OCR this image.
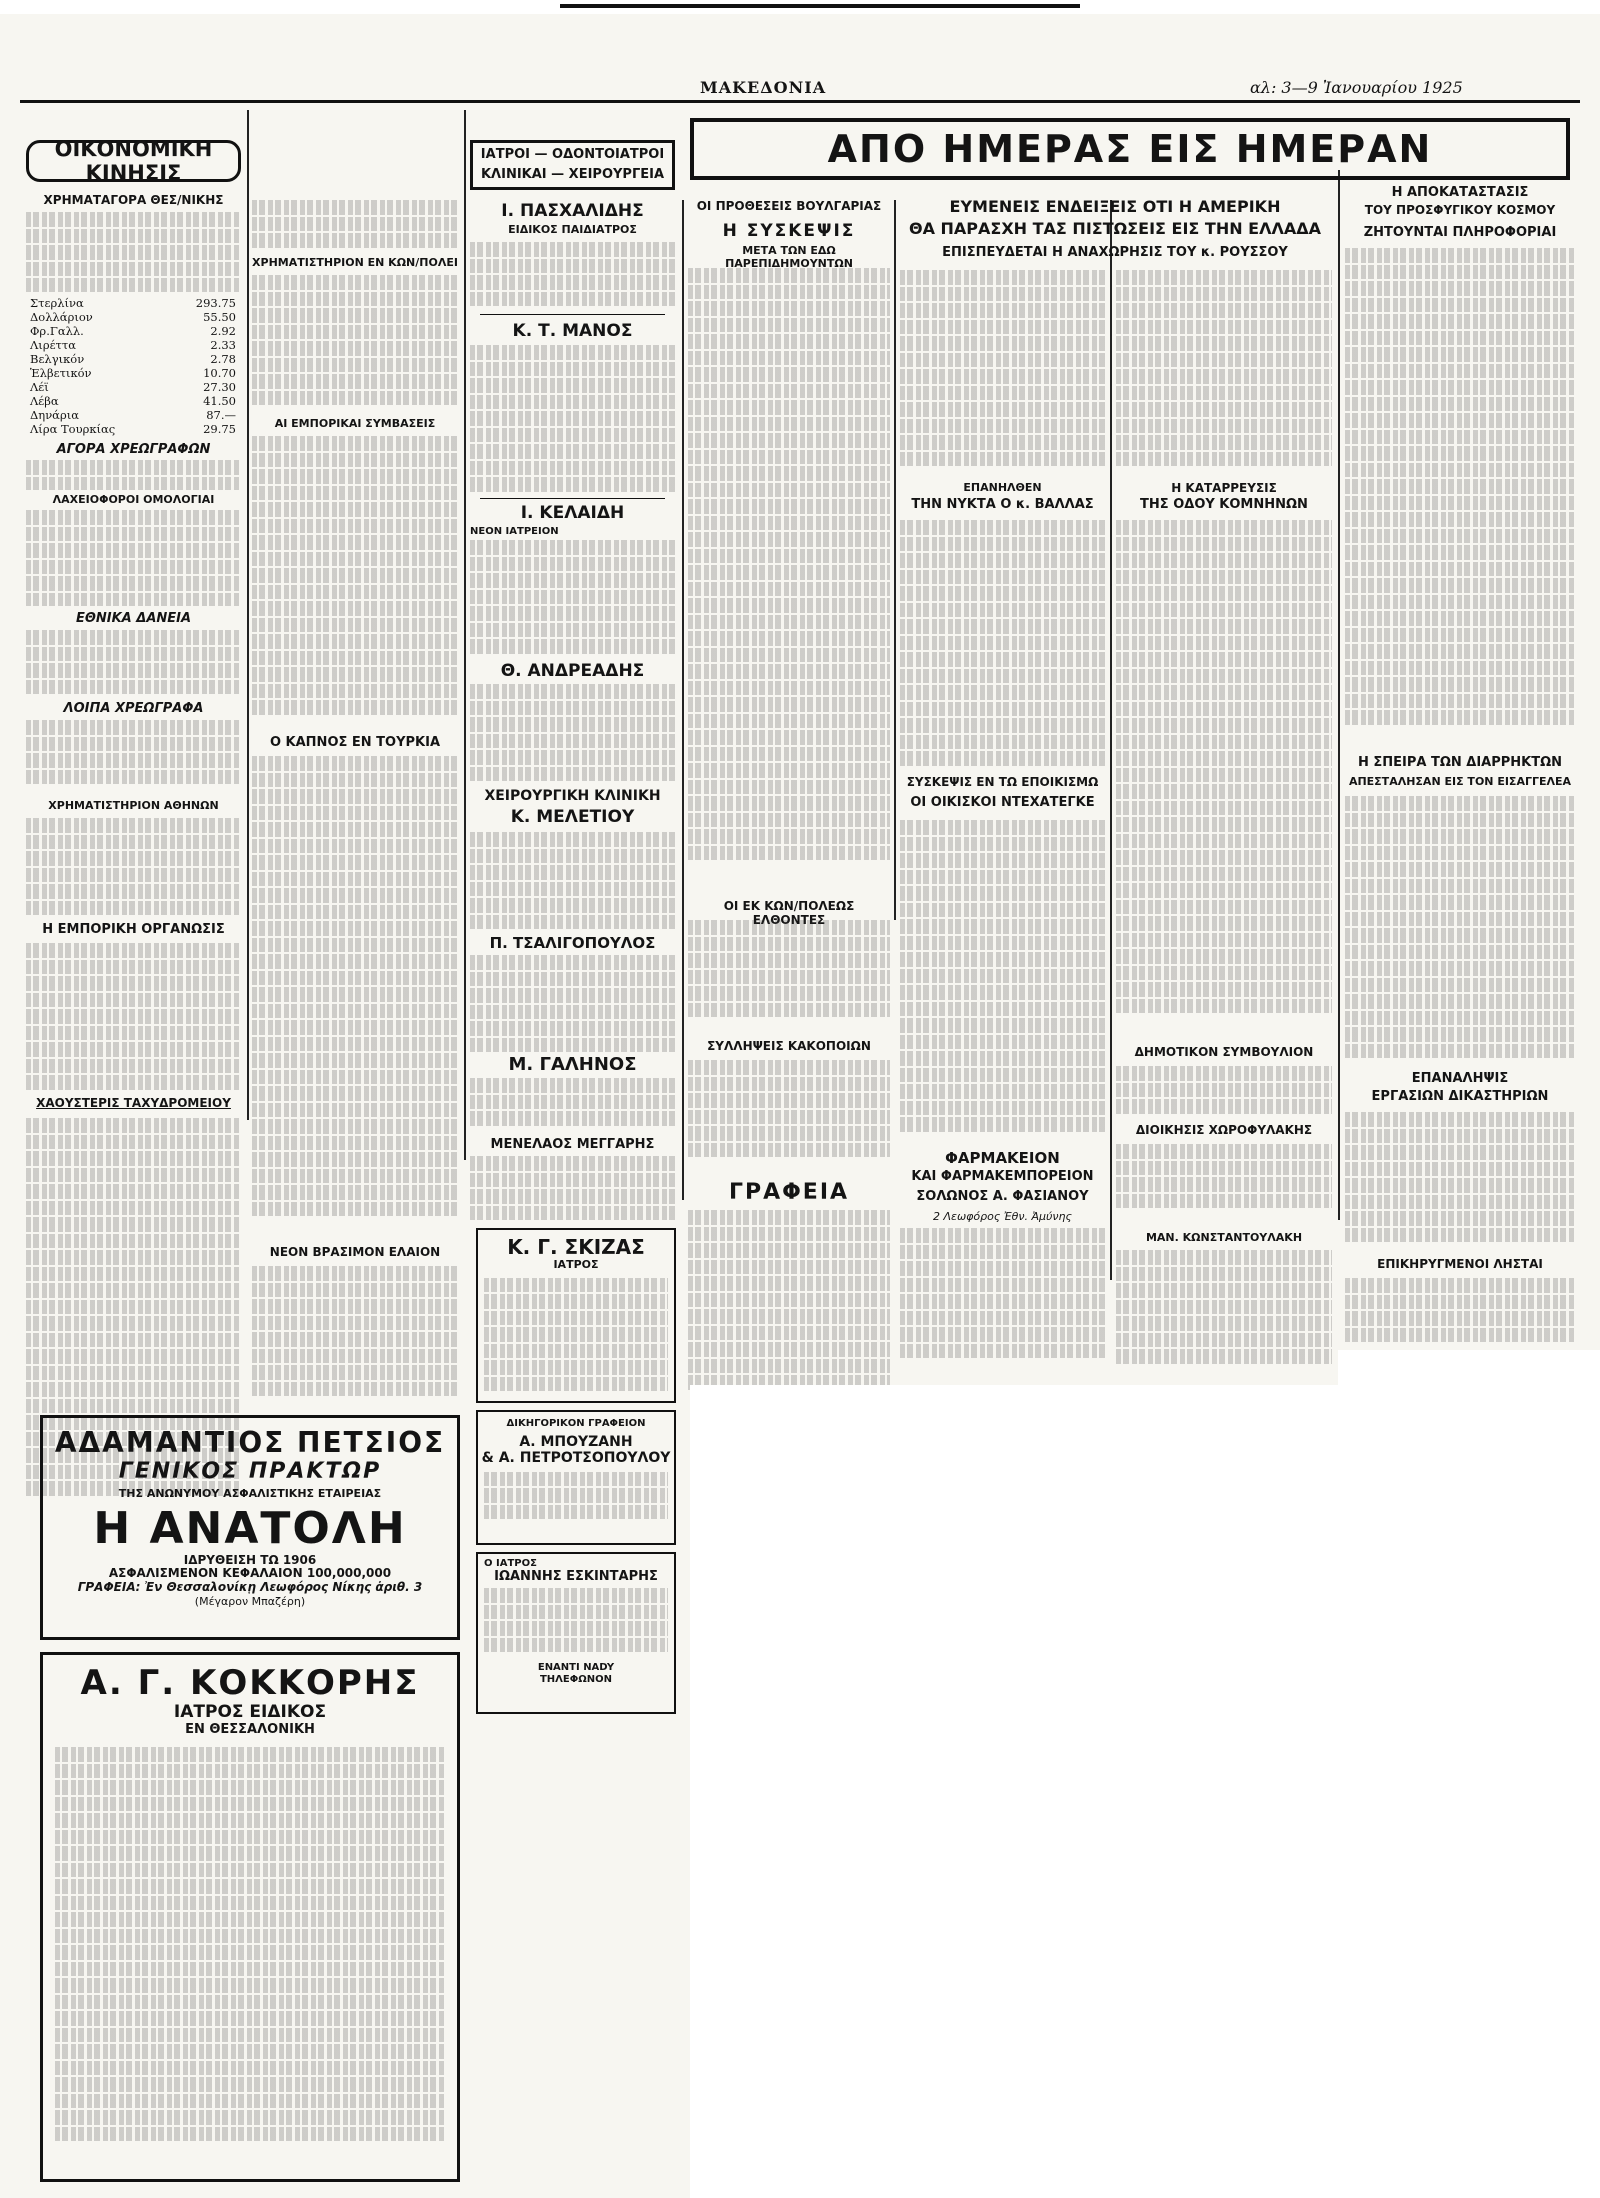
ΜΑΚΕΔΟΝΙΑ	αλ: 3—9 Ἰανουαρίου 1925
ΟΙΚΟΝΟΜΙΚΗ ΚΙΝΗΣΙΣ
ΧΡΗΜΑΤΑΓΟΡΑ ΘΕΣ/ΝΙΚΗΣ
Στερλίνα	293.75
Δολλάριον	55.50
Φρ.Γαλλ.	2.92
Λιρέττα	2.33
Βελγικόν	2.78
Ἑλβετικόν	10.70
Λέϊ	27.30
Λέβα	41.50
Δηνάρια	87.—
Λίρα Τουρκίας	29.75
ΑΓΟΡΑ ΧΡΕΩΓΡΑΦΩΝ
ΛΑΧΕΙΟΦΟΡΟΙ ΟΜΟΛΟΓΙΑΙ
ΕΘΝΙΚΑ ΔΑΝΕΙΑ
ΛΟΙΠΑ ΧΡΕΩΓΡΑΦΑ
ΧΡΗΜΑΤΙΣΤΗΡΙΟΝ ΑΘΗΝΩΝ
Η ΕΜΠΟΡΙΚΗ ΟΡΓΑΝΩΣΙΣ
ΧΑΟΥΣΤΕΡΙΣ ΤΑΧΥΔΡΟΜΕΙΟΥ
ΧΡΗΜΑΤΙΣΤΗΡΙΟΝ ΕΝ ΚΩΝ/ΠΟΛΕΙ
ΑΙ ΕΜΠΟΡΙΚΑΙ ΣΥΜΒΑΣΕΙΣ
Ο ΚΑΠΝΟΣ ΕΝ ΤΟΥΡΚΙΑ
ΝΕΟΝ ΒΡΑΣΙΜΟΝ ΕΛΑΙΟΝ
ΙΑΤΡΟΙ — ΟΔΟΝΤΟΙΑΤΡΟΙ
ΚΛΙΝΙΚΑΙ — ΧΕΙΡΟΥΡΓΕΙΑ
Ι. ΠΑΣΧΑΛΙΔΗΣ
ΕΙΔΙΚΟΣ ΠΑΙΔΙΑΤΡΟΣ
Κ. Τ. ΜΑΝΟΣ
Ι. ΚΕΛΑΙΔΗ
ΝΕΟΝ ΙΑΤΡΕΙΟΝ
Θ. ΑΝΔΡΕΑΔΗΣ
ΧΕΙΡΟΥΡΓΙΚΗ ΚΛΙΝΙΚΗ
Κ. ΜΕΛΕΤΙΟΥ
Π. ΤΣΑΛΙΓΟΠΟΥΛΟΣ
Μ. ΓΑΛΗΝΟΣ
ΜΕΝΕΛΑΟΣ ΜΕΓΓΑΡΗΣ
Κ. Γ. ΣΚΙΖΑΣ
ΙΑΤΡΟΣ
ΔΙΚΗΓΟΡΙΚΟΝ ΓΡΑΦΕΙΟΝ
Α. ΜΠΟΥΖΑΝΗ
& Α. ΠΕΤΡΟΤΣΟΠΟΥΛΟΥ
Ο ΙΑΤΡΟΣ
ΙΩΑΝΝΗΣ ΕΣΚΙΝΤΑΡΗΣ
ΕΝΑΝΤΙ NADY
ΤΗΛΕΦΩΝΟΝ
ΑΠΟ ΗΜΕΡΑΣ ΕΙΣ ΗΜΕΡΑΝ
ΟΙ ΠΡΟΘΕΣΕΙΣ ΒΟΥΛΓΑΡΙΑΣ
Η ΣΥΣΚΕΨΙΣ
ΜΕΤΑ ΤΩΝ ΕΔΩ ΠΑΡΕΠΙΔΗΜΟΥΝΤΩΝ
ΟΙ ΕΚ ΚΩΝ/ΠΟΛΕΩΣ ΕΛΘΟΝΤΕΣ
ΣΥΛΛΗΨΕΙΣ ΚΑΚΟΠΟΙΩΝ
ΓΡΑΦΕΙΑ
ΕΥΜΕΝΕΙΣ ΕΝΔΕΙΞΕΙΣ ΟΤΙ Η ΑΜΕΡΙΚΗ
ΘΑ ΠΑΡΑΣΧΗ ΤΑΣ ΠΙΣΤΩΣΕΙΣ ΕΙΣ ΤΗΝ ΕΛΛΑΔΑ
ΕΠΙΣΠΕΥΔΕΤΑΙ Η ΑΝΑΧΩΡΗΣΙΣ ΤΟΥ κ. ΡΟΥΣΣΟΥ
ΕΠΑΝΗΛΘΕΝ
ΤΗΝ ΝΥΚΤΑ Ο κ. ΒΑΛΛΑΣ
ΣΥΣΚΕΨΙΣ ΕΝ ΤΩ ΕΠΟΙΚΙΣΜΩ
ΟΙ ΟΙΚΙΣΚΟΙ ΝΤΕΧΑΤΕΓΚΕ
ΦΑΡΜΑΚΕΙΟΝ
ΚΑΙ ΦΑΡΜΑΚΕΜΠΟΡΕΙΟΝ
ΣΟΛΩΝΟΣ Α. ΦΑΣΙΑΝΟΥ
2 Λεωφόρος Ἐθν. Ἀμύνης
Η ΚΑΤΑΡΡΕΥΣΙΣ
ΤΗΣ ΟΔΟΥ ΚΟΜΝΗΝΩΝ
ΔΗΜΟΤΙΚΟΝ ΣΥΜΒΟΥΛΙΟΝ
ΔΙΟΙΚΗΣΙΣ ΧΩΡΟΦΥΛΑΚΗΣ
ΜΑΝ. ΚΩΝΣΤΑΝΤΟΥΛΑΚΗ
Η ΑΠΟΚΑΤΑΣΤΑΣΙΣ
ΤΟΥ ΠΡΟΣΦΥΓΙΚΟΥ ΚΟΣΜΟΥ
ΖΗΤΟΥΝΤΑΙ ΠΛΗΡΟΦΟΡΙΑΙ
Η ΣΠΕΙΡΑ ΤΩΝ ΔΙΑΡΡΗΚΤΩΝ
ΑΠΕΣΤΑΛΗΣΑΝ ΕΙΣ ΤΟΝ ΕΙΣΑΓΓΕΛΕΑ
ΕΠΑΝΑΛΗΨΙΣ
ΕΡΓΑΣΙΩΝ ΔΙΚΑΣΤΗΡΙΩΝ
ΕΠΙΚΗΡΥΓΜΕΝΟΙ ΛΗΣΤΑΙ
ΑΔΑΜΑΝΤΙΟΣ ΠΕΤΣΙΟΣ
ΓΕΝΙΚΟΣ ΠΡΑΚΤΩΡ
ΤΗΣ ΑΝΩΝΥΜΟΥ ΑΣΦΑΛΙΣΤΙΚΗΣ ΕΤΑΙΡΕΙΑΣ
Η ΑΝΑΤΟΛΗ
ΙΔΡΥΘΕΙΣΗ ΤΩ 1906
ΑΣΦΑΛΙΣΜΕΝΟΝ ΚΕΦΑΛΑΙΟΝ 100,000,000
ΓΡΑΦΕΙΑ: Ἐν Θεσσαλονίκῃ Λεωφόρος Νίκης ἀριθ. 3
(Μέγαρον Μπαζέρη)
Α. Γ. ΚΟΚΚΟΡΗΣ
ΙΑΤΡΟΣ ΕΙΔΙΚΟΣ
ΕΝ ΘΕΣΣΑΛΟΝΙΚΗ
